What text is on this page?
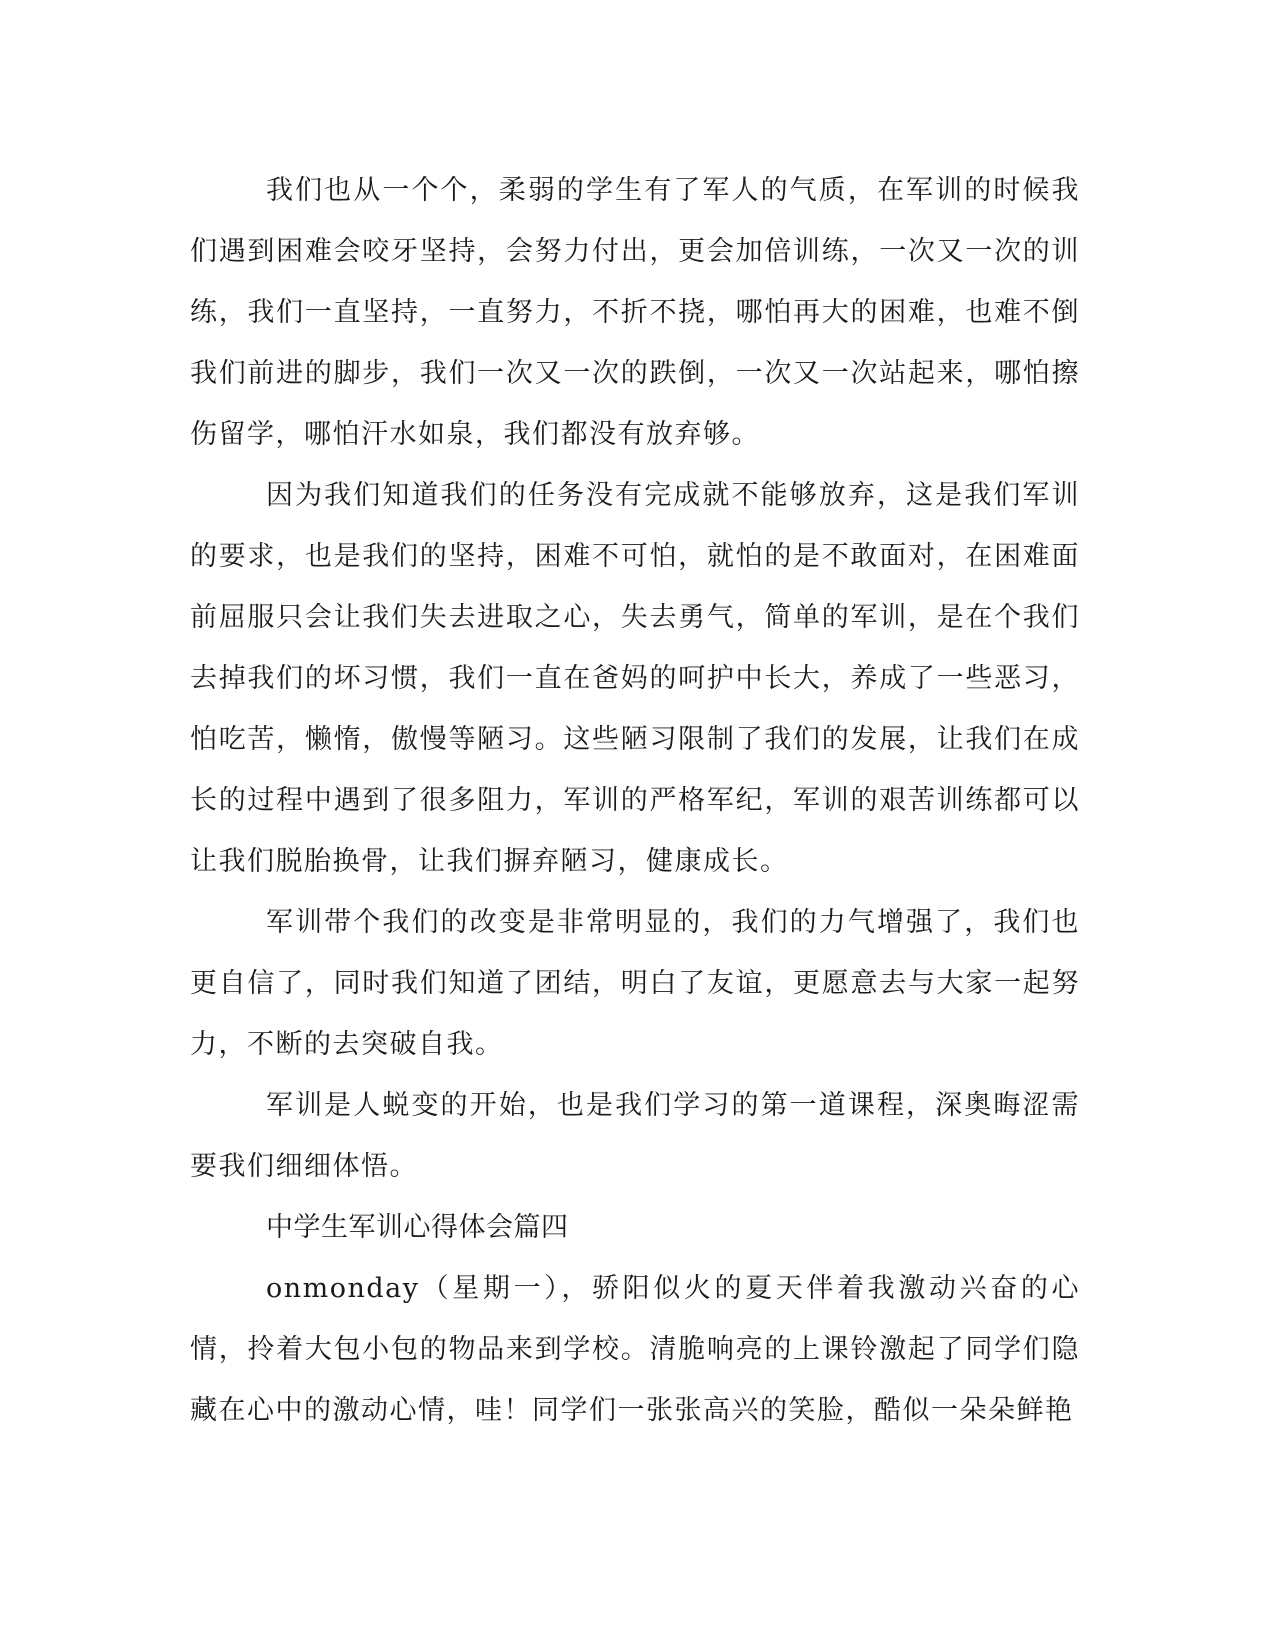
我们也从一个个，柔弱的学生有了军人的气质，在军训的时候我们遇到困难会咬牙坚持，会努力付出，更会加倍训练，一次又一次的训练，我们一直坚持，一直努力，不折不挠，哪怕再大的困难，也难不倒我们前进的脚步，我们一次又一次的跌倒，一次又一次站起来，哪怕擦伤留学，哪怕汗水如泉，我们都没有放弃够。

因为我们知道我们的任务没有完成就不能够放弃，这是我们军训的要求，也是我们的坚持，困难不可怕，就怕的是不敢面对，在困难面前屈服只会让我们失去进取之心，失去勇气，简单的军训，是在个我们去掉我们的坏习惯，我们一直在爸妈的呵护中长大，养成了一些恶习，怕吃苦，懒惰，傲慢等陋习。这些陋习限制了我们的发展，让我们在成长的过程中遇到了很多阻力，军训的严格军纪，军训的艰苦训练都可以让我们脱胎换骨，让我们摒弃陋习，健康成长。

军训带个我们的改变是非常明显的，我们的力气增强了，我们也更自信了，同时我们知道了团结，明白了友谊，更愿意去与大家一起努力，不断的去突破自我。

军训是人蜕变的开始，也是我们学习的第一道课程，深奥晦涩需要我们细细体悟。

中学生军训心得体会篇四

onmonday（星期一），骄阳似火的夏天伴着我激动兴奋的心情，拎着大包小包的物品来到学校。清脆响亮的上课铃激起了同学们隐藏在心中的激动心情，哇！同学们一张张高兴的笑脸，酷似一朵朵鲜艳
